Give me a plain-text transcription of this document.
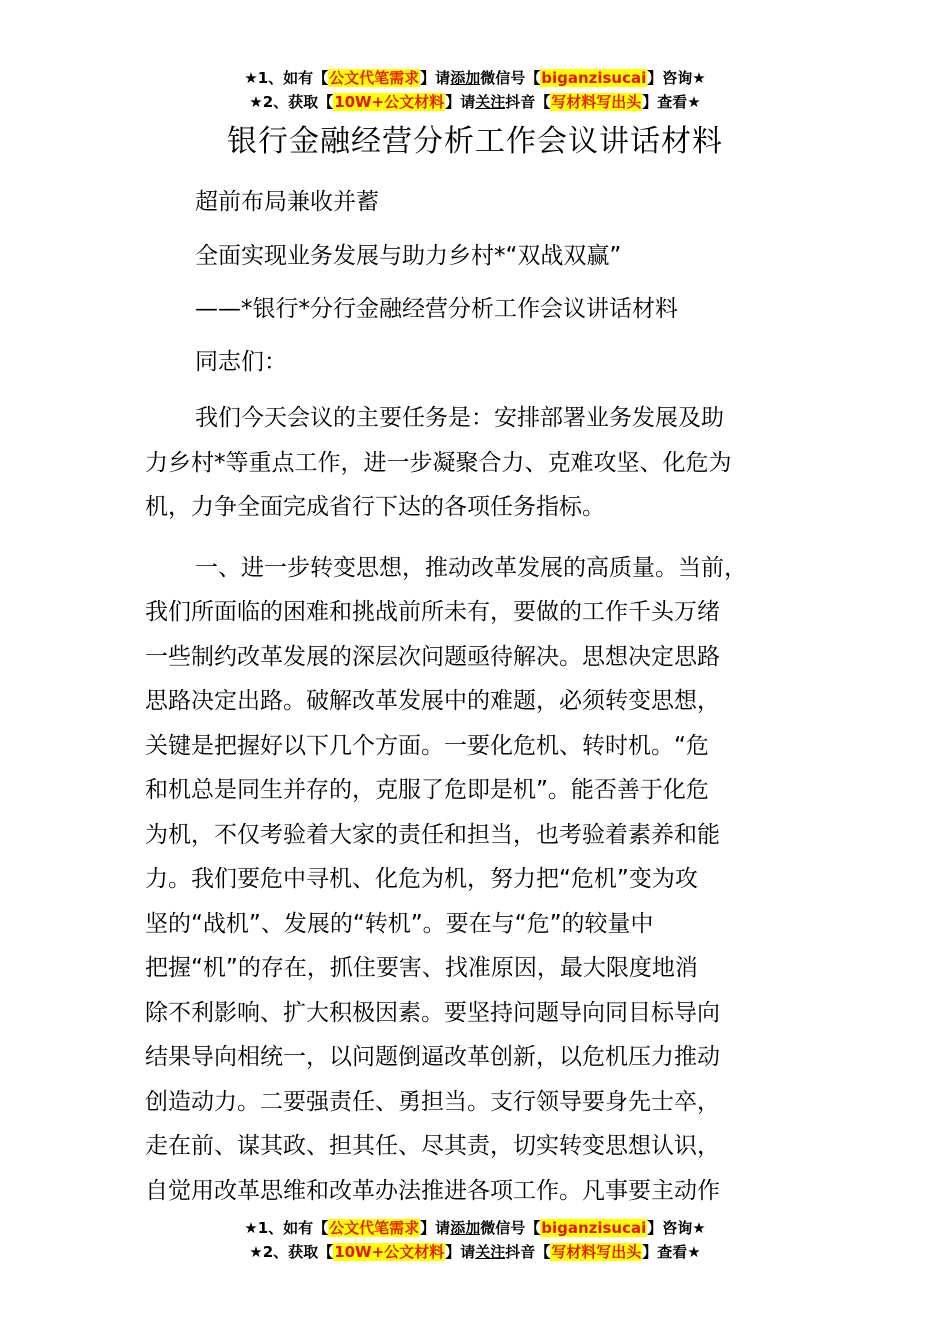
★1、如有【公文代笔需求】请添加微信号【biganzisucai】咨询★
★2、获取【10W+公文材料】请关注抖音【写材料写出头】查看★
银行金融经营分析工作会议讲话材料
超前布局兼收并蓄
全面实现业务发展与助力乡村*“双战双赢”
——*银行*分行金融经营分析工作会议讲话材料
同志们：
我们今天会议的主要任务是：安排部署业务发展及助
力乡村*等重点工作，进一步凝聚合力、克难攻坚、化危为
机，力争全面完成省行下达的各项任务指标。
一、进一步转变思想，推动改革发展的高质量。当前，
我们所面临的困难和挑战前所未有，要做的工作千头万绪
一些制约改革发展的深层次问题亟待解决。思想决定思路
思路决定出路。破解改革发展中的难题，必须转变思想，
关键是把握好以下几个方面。一要化危机、转时机。“危
和机总是同生并存的，克服了危即是机”。能否善于化危
为机，不仅考验着大家的责任和担当，也考验着素养和能
力。我们要危中寻机、化危为机，努力把“危机”变为攻
坚的“战机”、发展的“转机”。要在与“危”的较量中
把握“机”的存在，抓住要害、找准原因，最大限度地消
除不利影响、扩大积极因素。要坚持问题导向同目标导向
结果导向相统一，以问题倒逼改革创新，以危机压力推动
创造动力。二要强责任、勇担当。支行领导要身先士卒，
走在前、谋其政、担其任、尽其责，切实转变思想认识，
自觉用改革思维和改革办法推进各项工作。凡事要主动作
★1、如有【公文代笔需求】请添加微信号【biganzisucai】咨询★
★2、获取【10W+公文材料】请关注抖音【写材料写出头】查看★
